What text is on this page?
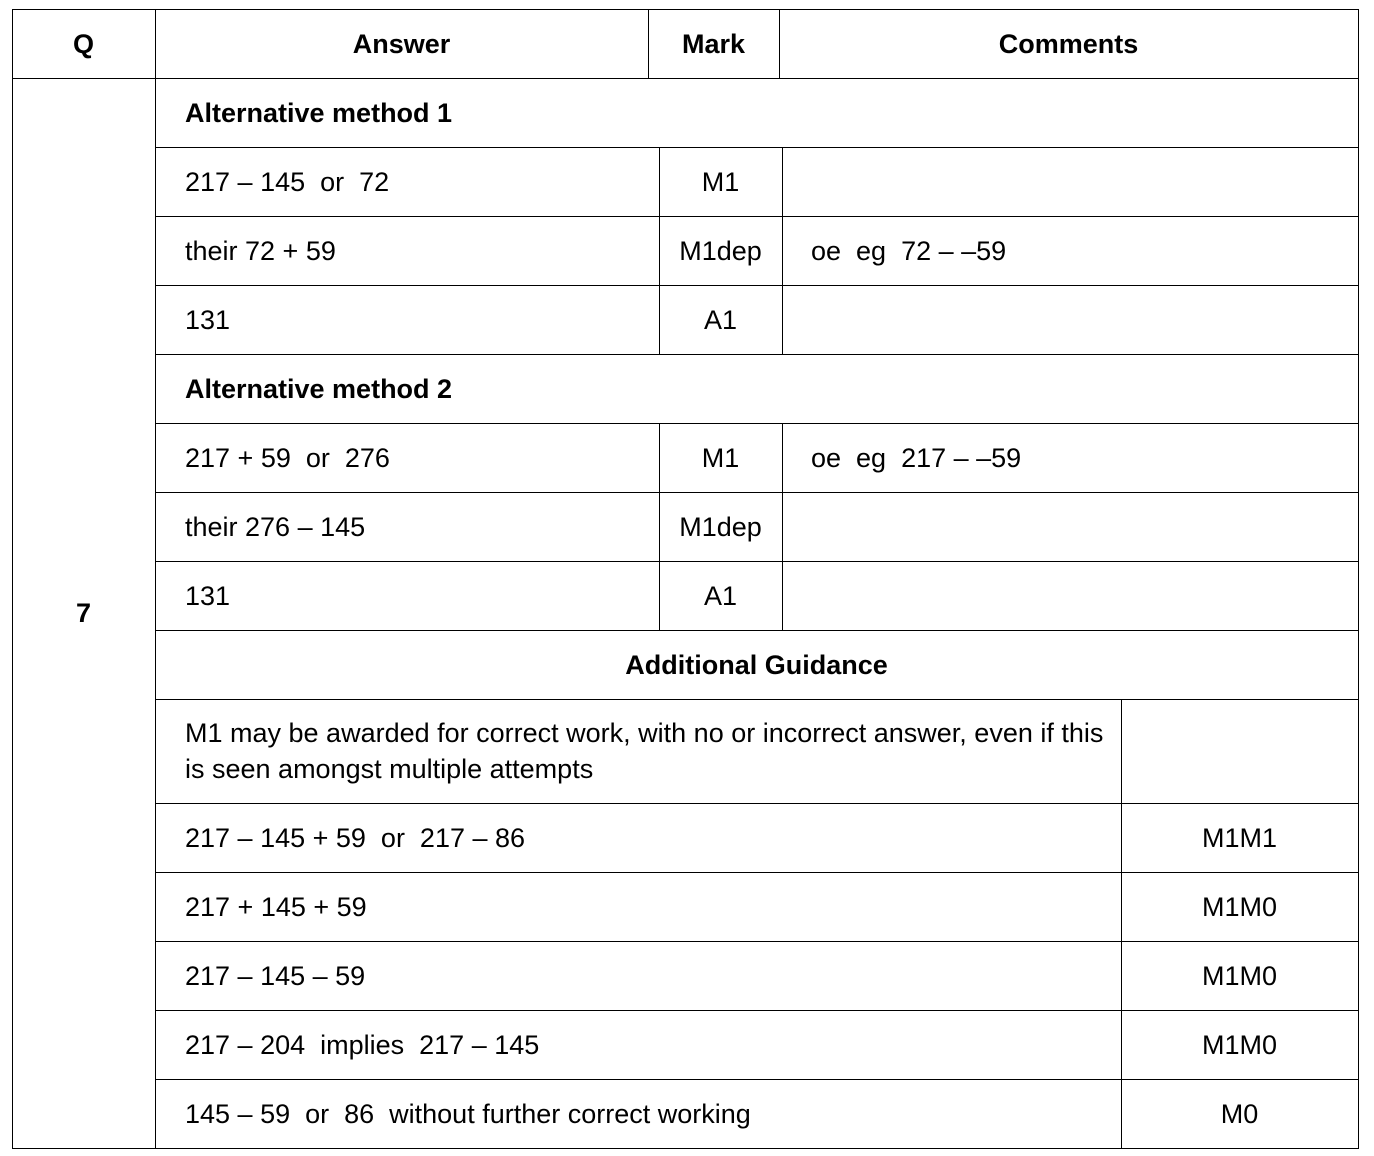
Q	Answer	Mark	Comments
7
Alternative method 1
217 – 145  or  72	M1
their 72 + 59	M1dep	oe  eg  72 – –59
131	A1
Alternative method 2
217 + 59  or  276	M1	oe  eg  217 – –59
their 276 – 145	M1dep
131	A1
Additional Guidance
M1 may be awarded for correct work, with no or incorrect answer, even if this is seen amongst multiple attempts
217 – 145 + 59  or  217 – 86	M1M1
217 + 145 + 59	M1M0
217 – 145 – 59	M1M0
217 – 204  implies  217 – 145	M1M0
145 – 59  or  86  without further correct working	M0
